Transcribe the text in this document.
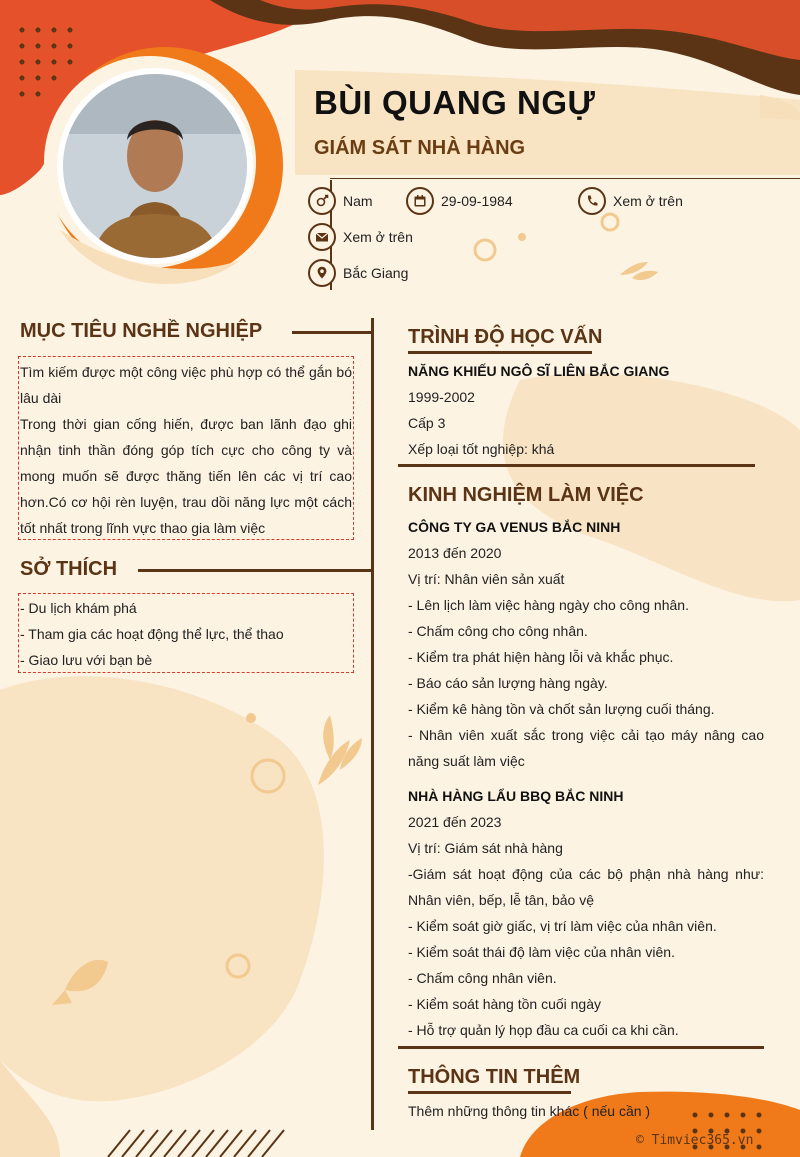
BÙI QUANG NGỰ
GIÁM SÁT NHÀ HÀNG
Nam	29-09-1984	Xem ở trên
Xem ở trên
Bắc Giang
MỤC TIÊU NGHỀ NGHIỆP

Tìm kiếm được một công việc phù hợp có thể gắn bó lâu dài

Trong thời gian cống hiến, được ban lãnh đạo ghi nhận tinh thần đóng góp tích cực cho công ty và mong muốn sẽ được thăng tiến lên các vị trí cao hơn.Có cơ hội rèn luyện, trau dồi năng lực một cách tốt nhất trong lĩnh vực thao gia làm việc

SỞ THÍCH

- Du lịch khám phá

- Tham gia các hoạt động thể lực, thể thao

- Giao lưu với bạn bè

TRÌNH ĐỘ HỌC VẤN

NĂNG KHIẾU NGÔ SĨ LIÊN BẮC GIANG

1999-2002

Cấp 3

Xếp loại tốt nghiệp: khá

KINH NGHIỆM LÀM VIỆC

CÔNG TY GA VENUS BẮC NINH

2013 đến 2020

Vị trí: Nhân viên sản xuất

- Lên lịch làm việc hàng ngày cho công nhân.

- Chấm công cho công nhân.

- Kiểm tra phát hiện hàng lỗi và khắc phục.

- Báo cáo sản lượng hàng ngày.

- Kiểm kê hàng tồn và chốt sản lượng cuối tháng.

- Nhân viên xuất sắc trong việc cải tạo máy nâng cao năng suất làm việc

NHÀ HÀNG LẨU BBQ BẮC NINH

2021 đến 2023

Vị trí: Giám sát nhà hàng

-Giám sát hoạt động của các bộ phận nhà hàng như: Nhân viên, bếp, lễ tân, bảo vệ

- Kiểm soát giờ giấc, vị trí làm việc của nhân viên.

- Kiểm soát thái độ làm việc của nhân viên.

- Chấm công nhân viên.

- Kiểm soát hàng tồn cuối ngày

- Hỗ trợ quản lý họp đầu ca cuối ca khi cần.

THÔNG TIN THÊM

Thêm những thông tin khác ( nếu cần )

© Timviec365.vn
